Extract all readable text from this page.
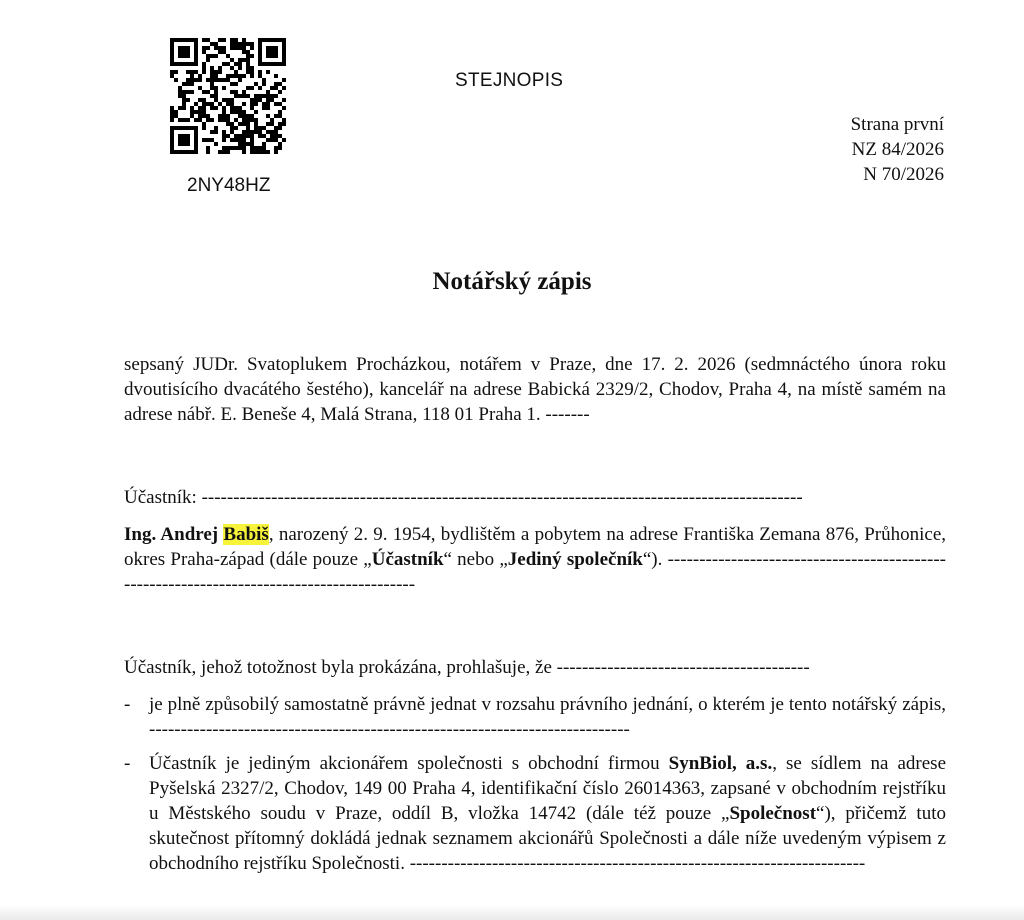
2NY48HZ
STEJNOPIS
Strana první
NZ 84/2026
N 70/2026
Notářský zápis
sepsaný JUDr. Svatoplukem Procházkou, notářem v Praze, dne 17. 2. 2026 (sedmnáctého února roku dvoutisícího dvacátého šestého), kancelář na adrese Babická 2329/2, Chodov, Praha 4, na místě samém na adrese nábř. E. Beneše 4, Malá Strana, 118 01 Praha 1. -------
Účastník: -----------------------------------------------------------------------------------------------
Ing. Andrej Babiš, narozený 2. 9. 1954, bydlištěm a pobytem na adrese Františka Zemana 876, Průhonice, okres Praha-západ (dále pouze „Účastník“ nebo „Jediný společník“). ------------------------------------------------------------------------------------------
Účastník, jehož totožnost byla prokázána, prohlašuje, že ----------------------------------------
- je plně způsobilý samostatně právně jednat v rozsahu právního jednání, o kterém je tento notářský zápis, ----------------------------------------------------------------------------
- Účastník je jediným akcionářem společnosti s obchodní firmou SynBiol, a.s., se sídlem na adrese Pyšelská 2327/2, Chodov, 149 00 Praha 4, identifikační číslo 26014363, zapsané v obchodním rejstříku u Městského soudu v Praze, oddíl B, vložka 14742 (dále též pouze „Společnost“), přičemž tuto skutečnost přítomný dokládá jednak seznamem akcionářů Společnosti a dále níže uvedeným výpisem z obchodního rejstříku Společnosti. ------------------------------------------------------------------------
